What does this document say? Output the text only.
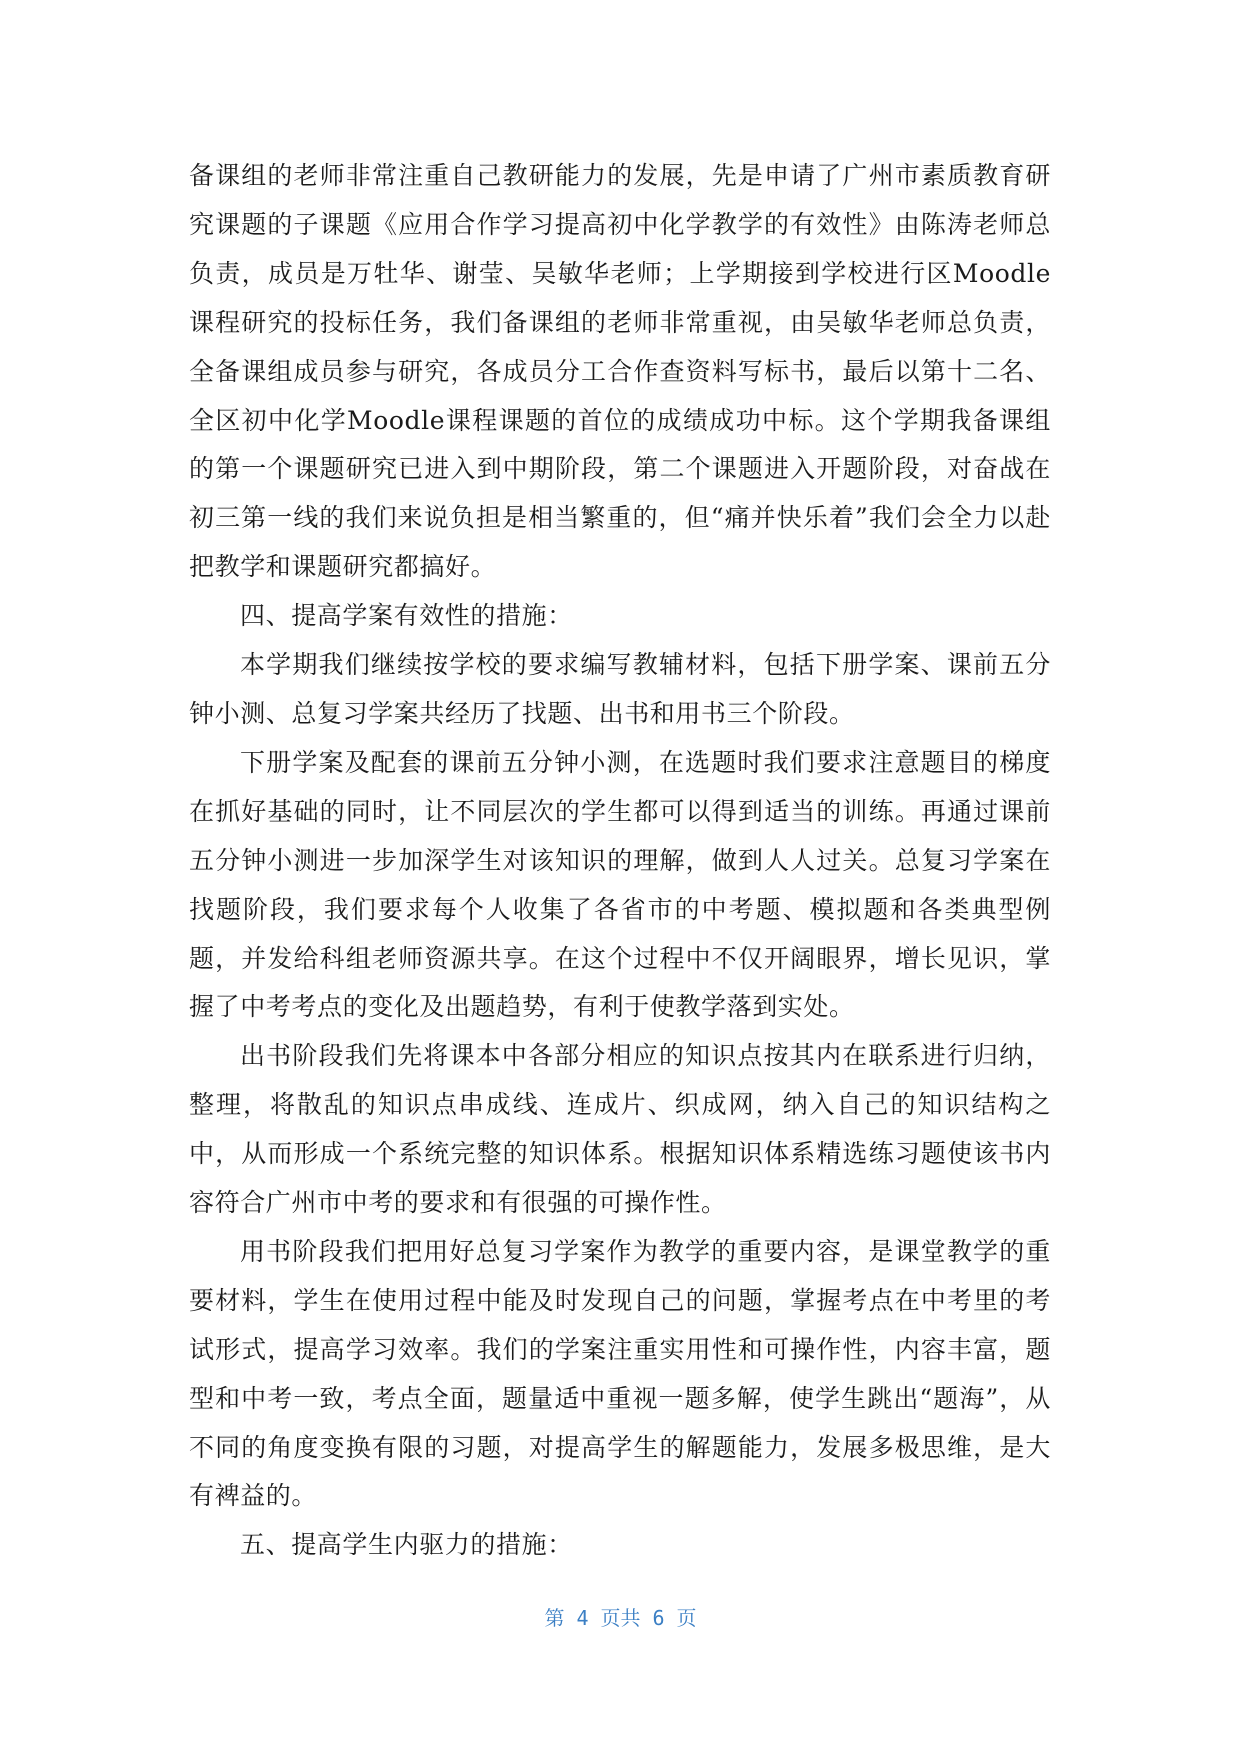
备课组的老师非常注重自己教研能力的发展，先是申请了广州市素质教育研究课题的子课题《应用合作学习提高初中化学教学的有效性》由陈涛老师总负责，成员是万牡华、谢莹、吴敏华老师；上学期接到学校进行区Moodle课程研究的投标任务，我们备课组的老师非常重视，由吴敏华老师总负责，全备课组成员参与研究，各成员分工合作查资料写标书，最后以第十二名、全区初中化学Moodle课程课题的首位的成绩成功中标。这个学期我备课组的第一个课题研究已进入到中期阶段，第二个课题进入开题阶段，对奋战在初三第一线的我们来说负担是相当繁重的，但“痛并快乐着”我们会全力以赴把教学和课题研究都搞好。

四、提高学案有效性的措施：

本学期我们继续按学校的要求编写教辅材料，包括下册学案、课前五分钟小测、总复习学案共经历了找题、出书和用书三个阶段。

下册学案及配套的课前五分钟小测，在选题时我们要求注意题目的梯度在抓好基础的同时，让不同层次的学生都可以得到适当的训练。再通过课前五分钟小测进一步加深学生对该知识的理解，做到人人过关。总复习学案在找题阶段，我们要求每个人收集了各省市的中考题、模拟题和各类典型例题，并发给科组老师资源共享。在这个过程中不仅开阔眼界，增长见识，掌握了中考考点的变化及出题趋势，有利于使教学落到实处。

出书阶段我们先将课本中各部分相应的知识点按其内在联系进行归纳，整理，将散乱的知识点串成线、连成片、织成网，纳入自己的知识结构之中，从而形成一个系统完整的知识体系。根据知识体系精选练习题使该书内容符合广州市中考的要求和有很强的可操作性。

用书阶段我们把用好总复习学案作为教学的重要内容，是课堂教学的重要材料，学生在使用过程中能及时发现自己的问题，掌握考点在中考里的考试形式，提高学习效率。我们的学案注重实用性和可操作性，内容丰富，题型和中考一致，考点全面，题量适中重视一题多解，使学生跳出“题海”，从不同的角度变换有限的习题，对提高学生的解题能力，发展多极思维，是大有裨益的。

五、提高学生内驱力的措施：

第 4 页共 6 页
